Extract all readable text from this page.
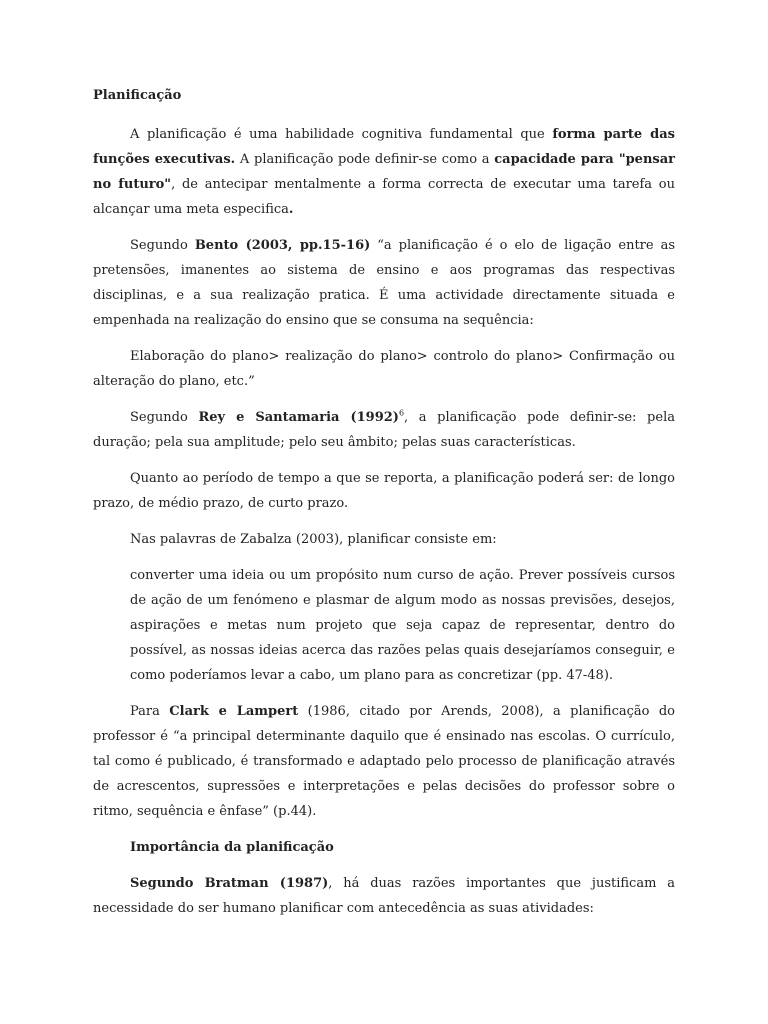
Planificação

A planificação é uma habilidade cognitiva fundamental que forma parte das funções executivas. A planificação pode definir-se como a capacidade para "pensar no futuro", de antecipar mentalmente a forma correcta de executar uma tarefa ou alcançar uma meta especifica.

Segundo Bento (2003, pp.15-16) “a planificação é o elo de ligação entre as pretensões, imanentes ao sistema de ensino e aos programas das respectivas disciplinas, e a sua realização pratica. É uma actividade directamente situada e empenhada na realização do ensino que se consuma na sequência:

Elaboração do plano> realização do plano> controlo do plano> Confirmação ou alteração do plano, etc.”

Segundo Rey e Santamaria $(1992)^6$, a planificação pode definir-se: pela duração; pela sua amplitude; pelo seu âmbito; pelas suas características.

Quanto ao período de tempo a que se reporta, a planificação poderá ser: de longo prazo, de médio prazo, de curto prazo.

Nas palavras de Zabalza (2003), planificar consiste em:

converter uma ideia ou um propósito num curso de ação. Prever possíveis cursos de ação de um fenómeno e plasmar de algum modo as nossas previsões, desejos, aspirações e metas num projeto que seja capaz de representar, dentro do possível, as nossas ideias acerca das razões pelas quais desejaríamos conseguir, e como poderíamos levar a cabo, um plano para as concretizar (pp. 47-48).

Para Clark e Lampert (1986, citado por Arends, 2008), a planificação do professor é “a principal determinante daquilo que é ensinado nas escolas. O currículo, tal como é publicado, é transformado e adaptado pelo processo de planificação através de acrescentos, supressões e interpretações e pelas decisões do professor sobre o ritmo, sequência e ênfase” (p.44).

Importância da planificação

Segundo Bratman (1987), há duas razões importantes que justificam a necessidade do ser humano planificar com antecedência as suas atividades:
